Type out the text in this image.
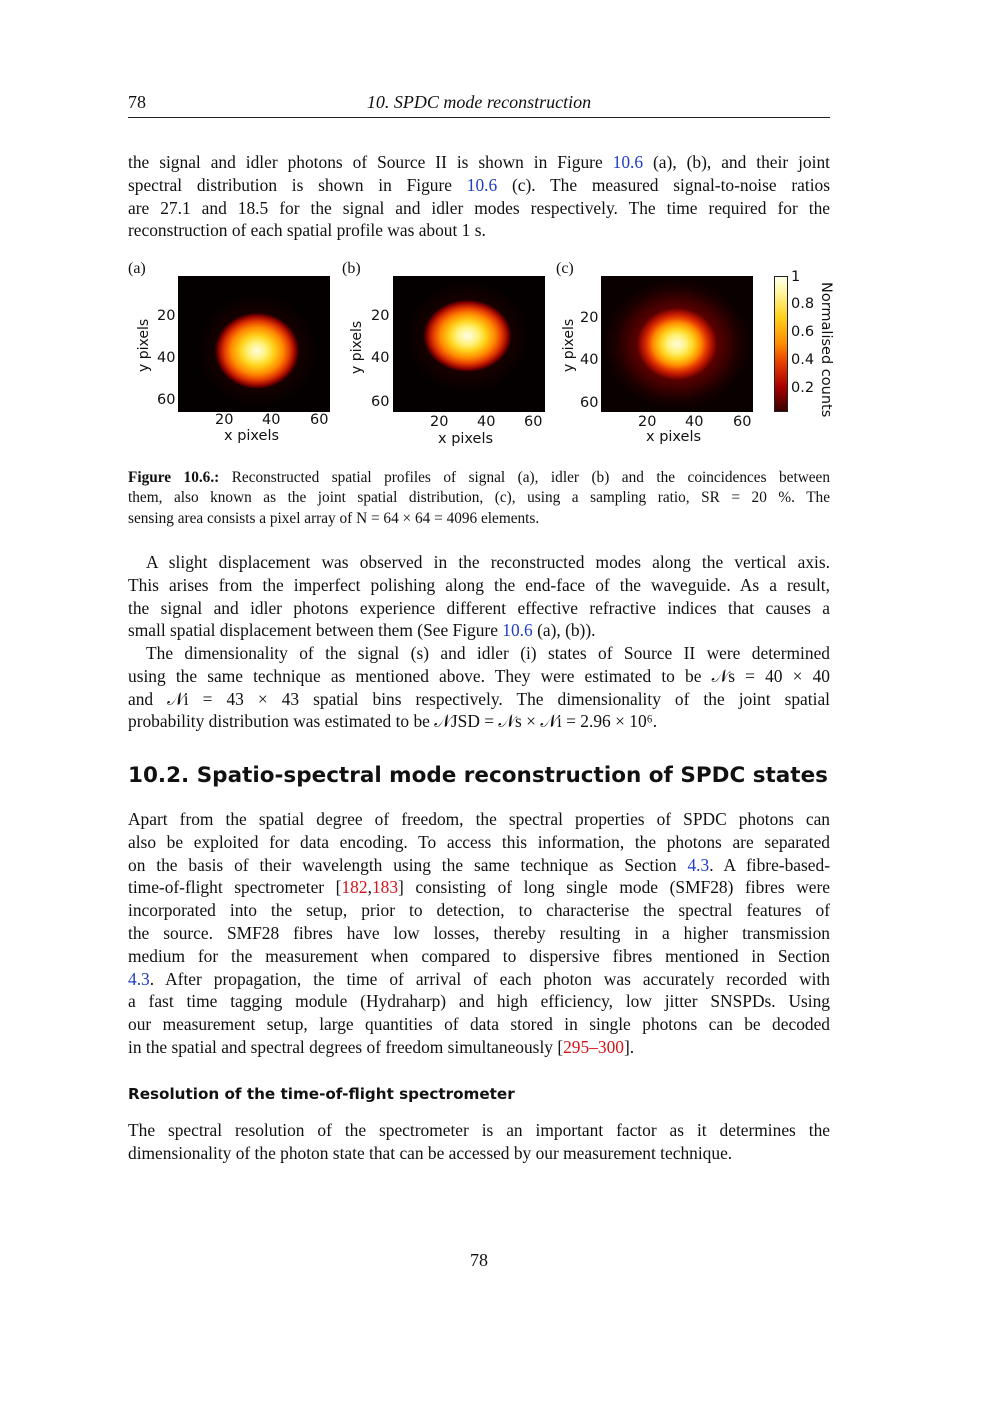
78	10. SPDC mode reconstruction
the signal and idler photons of Source II is shown in Figure 10.6 (a), (b), and their joint
spectral distribution is shown in Figure 10.6 (c). The measured signal-to-noise ratios
are 27.1 and 18.5 for the signal and idler modes respectively. The time required for the
reconstruction of each spatial profile was about 1 s.
(a)
20
40
60
20 40 60
x pixels
y pixels
(b)
20
40
60
20 40 60
x pixels
y pixels
(c)
20
40
60
20 40 60
x pixels
y pixels
1
0.8
0.6
0.4
0.2 Normalised counts
Figure 10.6.: Reconstructed spatial profiles of signal (a), idler (b) and the coincidences between
them, also known as the joint spatial distribution, (c), using a sampling ratio, SR = 20 %. The
sensing area consists a pixel array of N = 64 × 64 = 4096 elements.
A slight displacement was observed in the reconstructed modes along the vertical axis.
This arises from the imperfect polishing along the end-face of the waveguide. As a result,
the signal and idler photons experience different effective refractive indices that causes a
small spatial displacement between them (See Figure 10.6 (a), (b)).
The dimensionality of the signal (s) and idler (i) states of Source II were determined
using the same technique as mentioned above. They were estimated to be 𝒩s = 40 × 40
and 𝒩i = 43 × 43 spatial bins respectively. The dimensionality of the joint spatial
probability distribution was estimated to be 𝒩JSD = 𝒩s × 𝒩i = 2.96 × 10⁶.
10.2. Spatio-spectral mode reconstruction of SPDC states
Apart from the spatial degree of freedom, the spectral properties of SPDC photons can
also be exploited for data encoding. To access this information, the photons are separated
on the basis of their wavelength using the same technique as Section 4.3. A fibre-based-
time-of-flight spectrometer [182,183] consisting of long single mode (SMF28) fibres were
incorporated into the setup, prior to detection, to characterise the spectral features of
the source. SMF28 fibres have low losses, thereby resulting in a higher transmission
medium for the measurement when compared to dispersive fibres mentioned in Section
4.3. After propagation, the time of arrival of each photon was accurately recorded with
a fast time tagging module (Hydraharp) and high efficiency, low jitter SNSPDs. Using
our measurement setup, large quantities of data stored in single photons can be decoded
in the spatial and spectral degrees of freedom simultaneously [295–300].
Resolution of the time-of-flight spectrometer
The spectral resolution of the spectrometer is an important factor as it determines the
dimensionality of the photon state that can be accessed by our measurement technique.
78
